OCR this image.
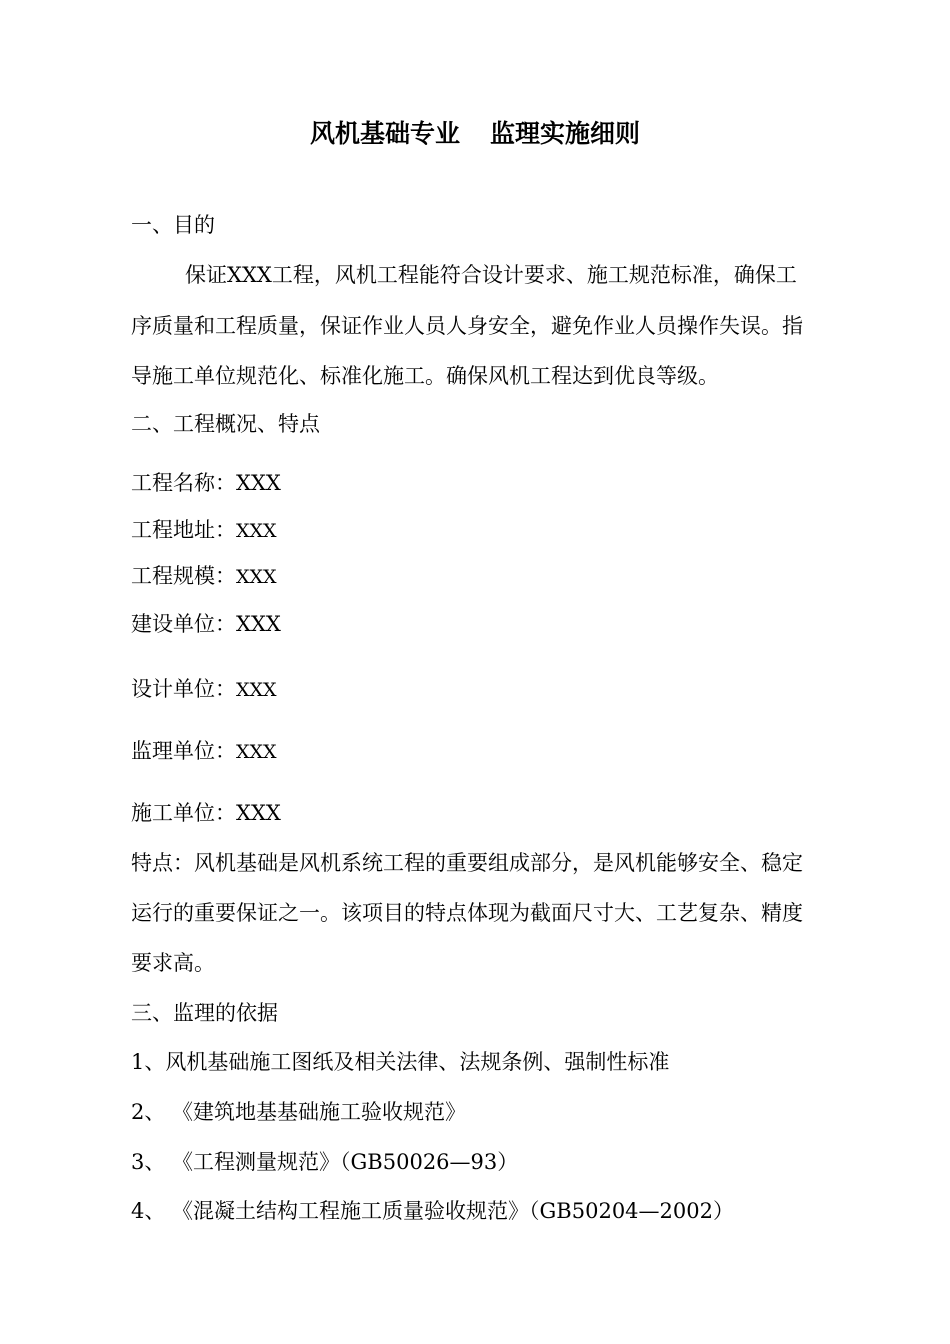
风机基础专业 监理实施细则
一、目的
保证XXX工程，风机工程能符合设计要求、施工规范标准，确保工
序质量和工程质量，保证作业人员人身安全，避免作业人员操作失误。指
导施工单位规范化、标准化施工。确保风机工程达到优良等级。
二、工程概况、特点
工程名称：XXX
工程地址：XXX
工程规模：XXX
建设单位：XXX
设计单位：XXX
监理单位：XXX
施工单位：XXX
特点：风机基础是风机系统工程的重要组成部分，是风机能够安全、稳定
运行的重要保证之一。该项目的特点体现为截面尺寸大、工艺复杂、精度
要求高。
三、监理的依据
1、风机基础施工图纸及相关法律、法规条例、强制性标准
2、 《建筑地基基础施工验收规范》
3、 《工程测量规范》（GB50026—93）
4、 《混凝土结构工程施工质量验收规范》（GB50204—2002）
